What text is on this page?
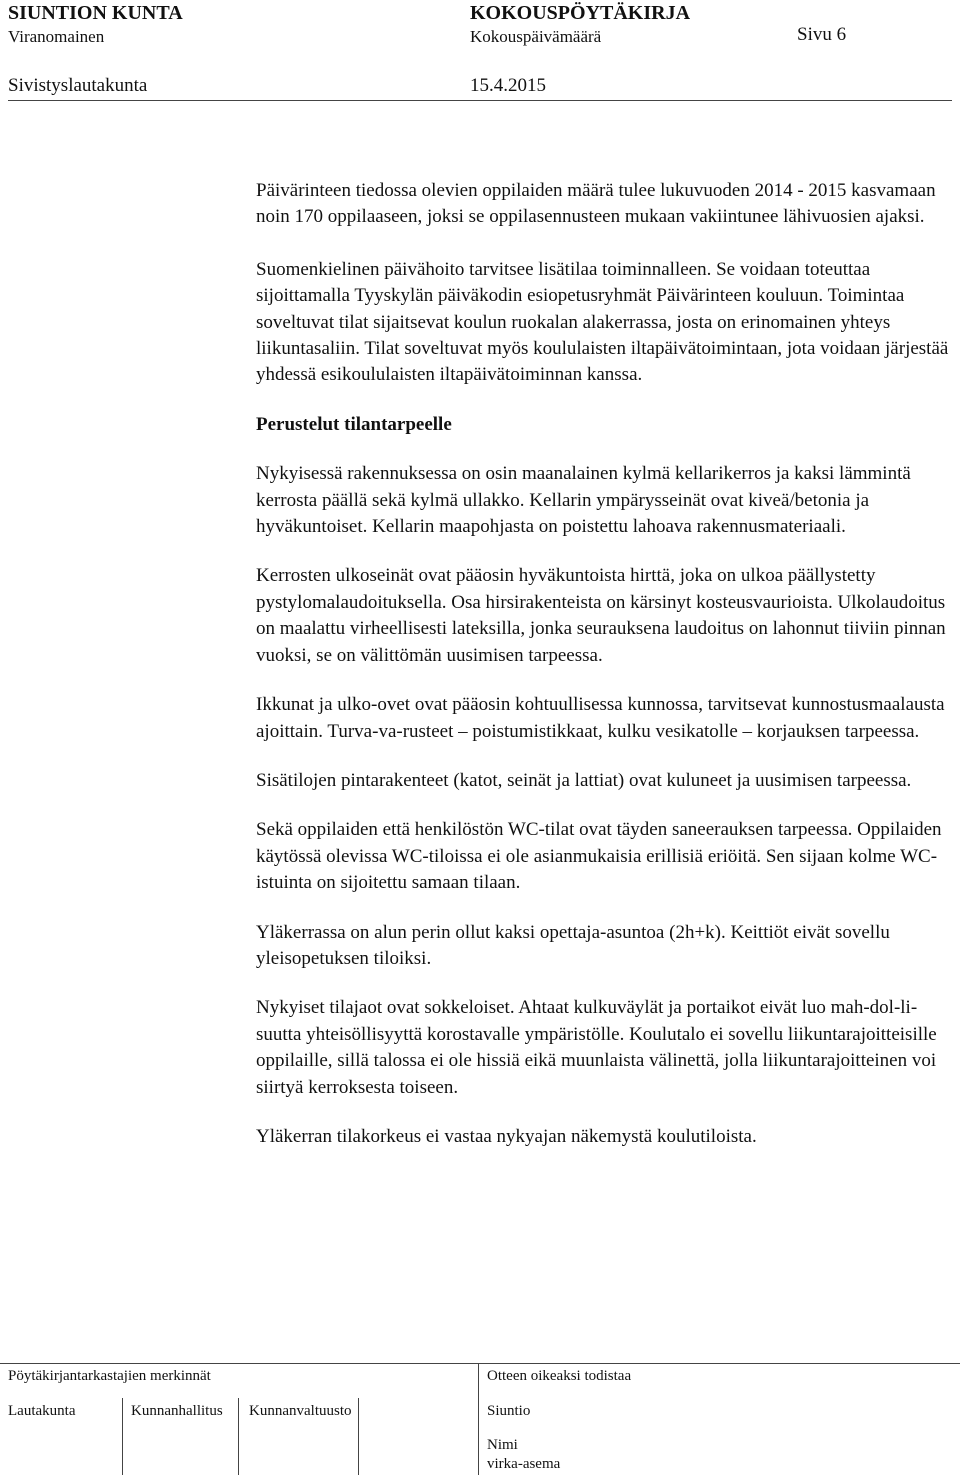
SIUNTION KUNTA	KOKOUSPÖYTÄKIRJA
Viranomainen	Kokouspäivämäärä	Sivu 6
Sivistyslautakunta	15.4.2015

Päivärinteen tiedossa olevien oppilaiden määrä tulee lukuvuoden 2014 - 2015 kasvamaan noin 170 oppilaaseen, joksi se oppilasennusteen mukaan vakiintunee lähivuosien ajaksi.

Suomenkielinen päivähoito tarvitsee lisätilaa toiminnalleen. Se voidaan toteuttaa sijoittamalla Tyyskylän päiväkodin esiopetusryhmät Päivärinteen kouluun. Toimintaa soveltuvat tilat sijaitsevat koulun ruokalan alakerrassa, josta on erinomainen yhteys liikuntasaliin. Tilat soveltuvat myös koululaisten iltapäivätoimintaan, jota voidaan järjestää yhdessä esikoululaisten iltapäivätoiminnan kanssa.

Perustelut tilantarpeelle

Nykyisessä rakennuksessa on osin maanalainen kylmä kellarikerros ja kaksi lämmintä kerrosta päällä sekä kylmä ullakko. Kellarin ympärysseinät ovat kiveä/betonia ja hyväkuntoiset. Kellarin maapohjasta on poistettu lahoava rakennusmateriaali.

Kerrosten ulkoseinät ovat pääosin hyväkuntoista hirttä, joka on ulkoa päällystetty pystylomalaudoituksella. Osa hirsirakenteista on kärsinyt kosteusvaurioista. Ulkolaudoitus on maalattu virheellisesti lateksilla, jonka seurauksena laudoitus on lahonnut tiiviin pinnan vuoksi, se on välittömän uusimisen tarpeessa.

Ikkunat ja ulko-ovet ovat pääosin kohtuullisessa kunnossa, tarvitsevat kunnostusmaalausta ajoittain. Turva-va-rusteet – poistumistikkaat, kulku vesikatolle – korjauksen tarpeessa.

Sisätilojen pintarakenteet (katot, seinät ja lattiat) ovat kuluneet ja uusimisen tarpeessa.

Sekä oppilaiden että henkilöstön WC-tilat ovat täyden saneerauksen tarpeessa. Oppilaiden käytössä olevissa WC-tiloissa ei ole asianmukaisia erillisiä eriöitä. Sen sijaan kolme WC-istuinta on sijoitettu samaan tilaan.

Yläkerrassa on alun perin ollut kaksi opettaja-asuntoa (2h+k). Keittiöt eivät sovellu yleisopetuksen tiloiksi.

Nykyiset tilajaot ovat sokkeloiset. Ahtaat kulkuväylät ja portaikot eivät luo mah-dol-li-suutta yhteisöllisyyttä korostavalle ympäristölle. Koulutalo ei sovellu liikuntarajoitteisille oppilaille, sillä talossa ei ole hissiä eikä muunlaista välinettä, jolla liikuntarajoitteinen voi siirtyä kerroksesta toiseen.

Yläkerran tilakorkeus ei vastaa nykyajan näkemystä koulutiloista.

Pöytäkirjantarkastajien merkinnät	Otteen oikeaksi todistaa
Lautakunta	Kunnanhallitus Kunnanvaltuusto	Siuntio
Nimi
virka-asema
